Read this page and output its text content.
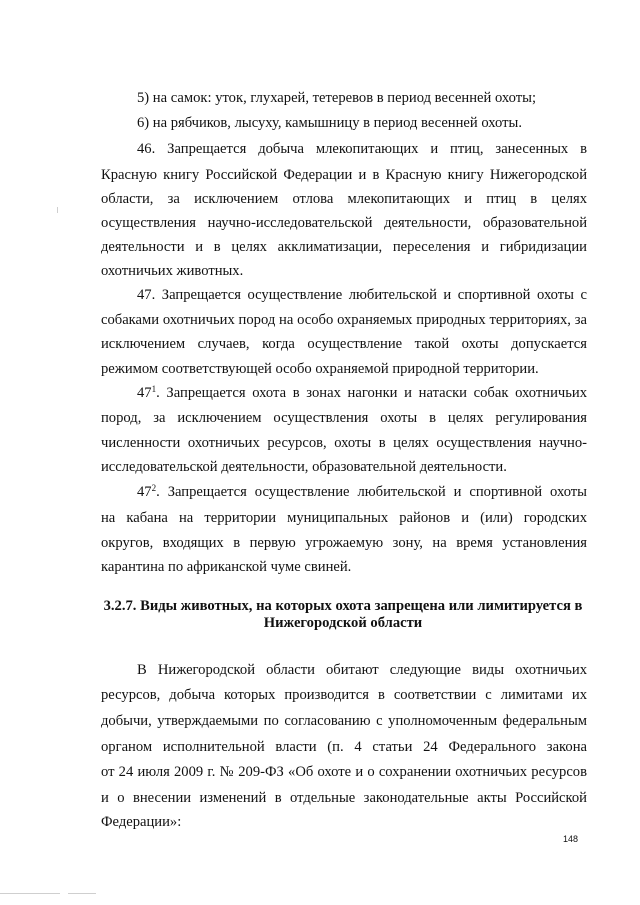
5) на самок: уток, глухарей, тетеревов в период весенней охоты;
6) на рябчиков, лысуху, камышницу в период весенней охоты.
46. Запрещается добыча млекопитающих и птиц, занесенных в
Красную книгу Российской Федерации и в Красную книгу Нижегородской
области, за исключением отлова млекопитающих и птиц в целях
осуществления научно-исследовательской деятельности, образовательной
деятельности и в целях акклиматизации, переселения и гибридизации
охотничьих животных.
47. Запрещается осуществление любительской и спортивной охоты с
собаками охотничьих пород на особо охраняемых природных территориях, за
исключением случаев, когда осуществление такой охоты допускается
режимом соответствующей особо охраняемой природной территории.
$47^1$. Запрещается охота в зонах нагонки и натаски собак охотничьих
пород, за исключением осуществления охоты в целях регулирования
численности охотничьих ресурсов, охоты в целях осуществления научно-
исследовательской деятельности, образовательной деятельности.
$47^2$. Запрещается осуществление любительской и спортивной охоты
на кабана на территории муниципальных районов и (или) городских
округов, входящих в первую угрожаемую зону, на время установления
карантина по африканской чуме свиней.
3.2.7. Виды животных, на которых охота запрещена или лимитируется в
Нижегородской области
В Нижегородской области обитают следующие виды охотничьих
ресурсов, добыча которых производится в соответствии с лимитами их
добычи, утверждаемыми по согласованию с уполномоченным федеральным
органом исполнительной власти (п. 4 статьи 24 Федерального закона
от 24 июля 2009 г. № 209-ФЗ «Об охоте и о сохранении охотничьих ресурсов
и о внесении изменений в отдельные законодательные акты Российской
Федерации»:
148
